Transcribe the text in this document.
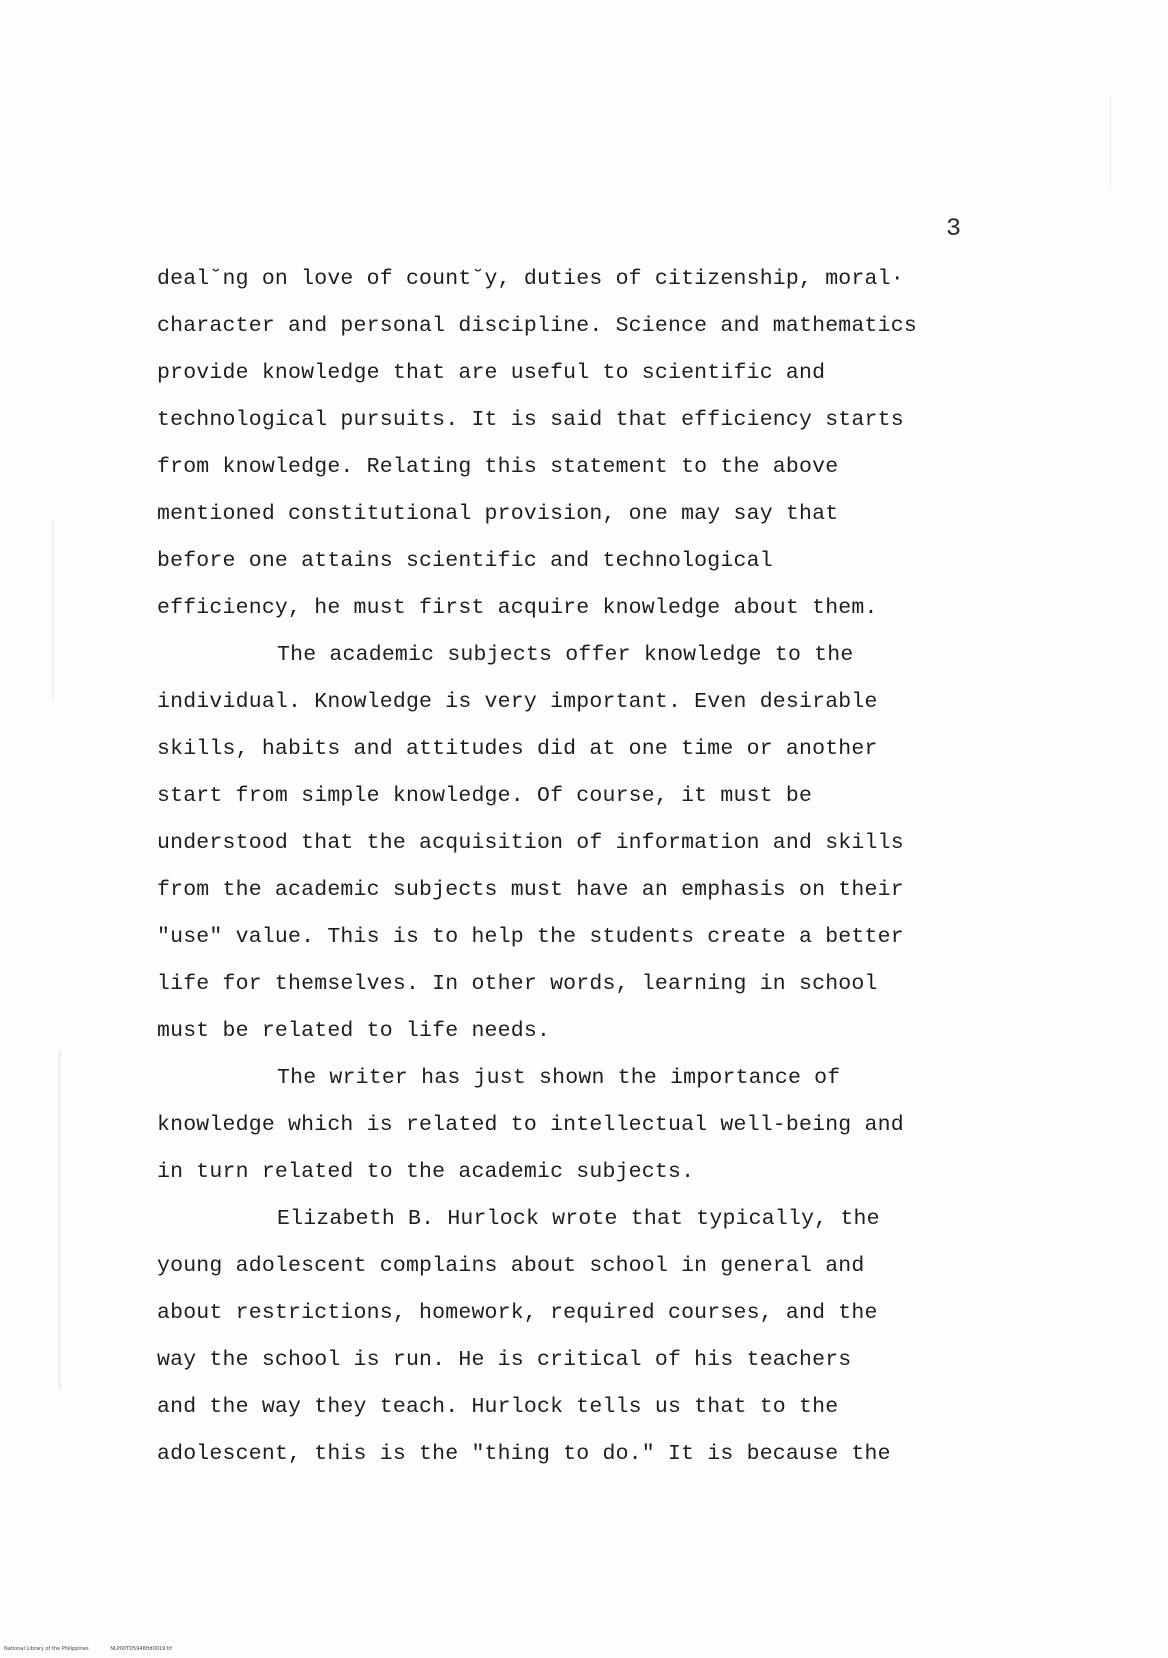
3
deal˘ng on love of count˘y, duties of citizenship, moral·
character and personal discipline. Science and mathematics
provide knowledge that are useful to scientific and
technological pursuits. It is said that efficiency starts
from knowledge. Relating this statement to the above
mentioned constitutional provision, one may say that
before one attains scientific and technological
efficiency, he must first acquire knowledge about them.
The academic subjects offer knowledge to the
individual. Knowledge is very important. Even desirable
skills, habits and attitudes did at one time or another
start from simple knowledge. Of course, it must be
understood that the acquisition of information and skills
from the academic subjects must have an emphasis on their
"use" value. This is to help the students create a better
life for themselves. In other words, learning in school
must be related to life needs.
The writer has just shown the importance of
knowledge which is related to intellectual well-being and
in turn related to the academic subjects.
Elizabeth B. Hurlock wrote that typically, the
young adolescent complains about school in general and
about restrictions, homework, required courses, and the
way the school is run. He is critical of his teachers
and the way they teach. Hurlock tells us that to the
adolescent, this is the "thing to do." It is because the
National Library of the Philippines	NLP00TD5946ftd0019.tif
